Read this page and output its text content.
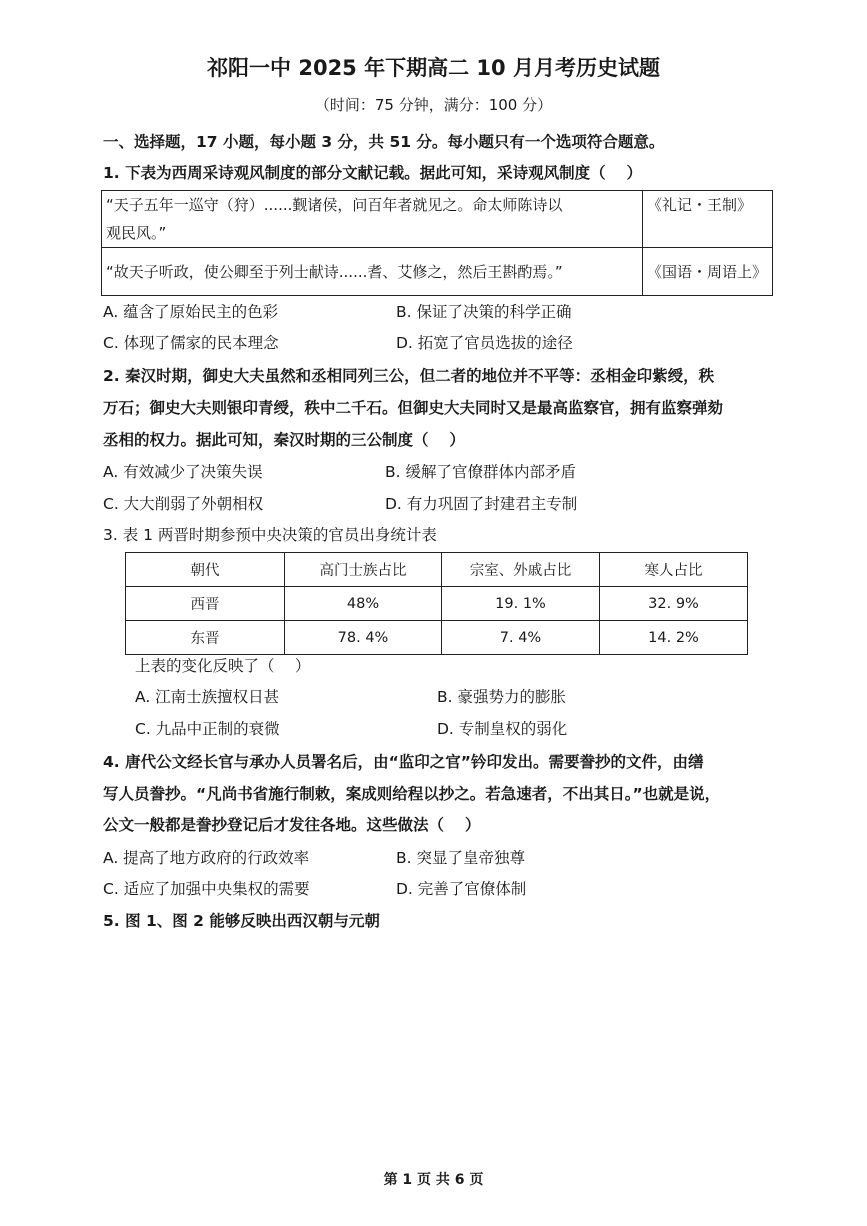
祁阳一中 2025 年下期高二 10 月月考历史试题
（时间：75 分钟，满分：100 分）
一、选择题，17 小题，每小题 3 分，共 51 分。每小题只有一个选项符合题意。
1. 下表为西周采诗观风制度的部分文献记载。据此可知，采诗观风制度（　 ）
“天子五年一巡守（狩）......觐诸侯，问百年者就见之。命太师陈诗以
观民风。”	《礼记・王制》
“故天子听政，使公卿至于列士献诗......耆、艾修之，然后王斟酌焉。”	《国语・周语上》
A. 蕴含了原始民主的色彩	B. 保证了决策的科学正确
C. 体现了儒家的民本理念	D. 拓宽了官员选拔的途径
2. 秦汉时期，御史大夫虽然和丞相同列三公，但二者的地位并不平等：丞相金印紫绶，秩
万石；御史大夫则银印青绶，秩中二千石。但御史大夫同时又是最高监察官，拥有监察弹劾
丞相的权力。据此可知，秦汉时期的三公制度（　 ）
A. 有效减少了决策失误	B. 缓解了官僚群体内部矛盾
C. 大大削弱了外朝相权	D. 有力巩固了封建君主专制
3. 表 1 两晋时期参预中央决策的官员出身统计表
朝代	高门士族占比	宗室、外戚占比	寒人占比
西晋	48%	19. 1%	32. 9%
东晋	78. 4%	7. 4%	14. 2%
上表的变化反映了（　 ）
A. 江南士族擅权日甚	B. 豪强势力的膨胀
C. 九品中正制的衰微	D. 专制皇权的弱化
4. 唐代公文经长官与承办人员署名后，由“监印之官”钤印发出。需要誊抄的文件，由缮
写人员誊抄。“凡尚书省施行制敕，案成则给程以抄之。若急速者，不出其日。”也就是说，
公文一般都是誊抄登记后才发往各地。这些做法（　 ）
A. 提高了地方政府的行政效率	B. 突显了皇帝独尊
C. 适应了加强中央集权的需要	D. 完善了官僚体制
5. 图 1、图 2 能够反映出西汉朝与元朝
第 1 页 共 6 页
